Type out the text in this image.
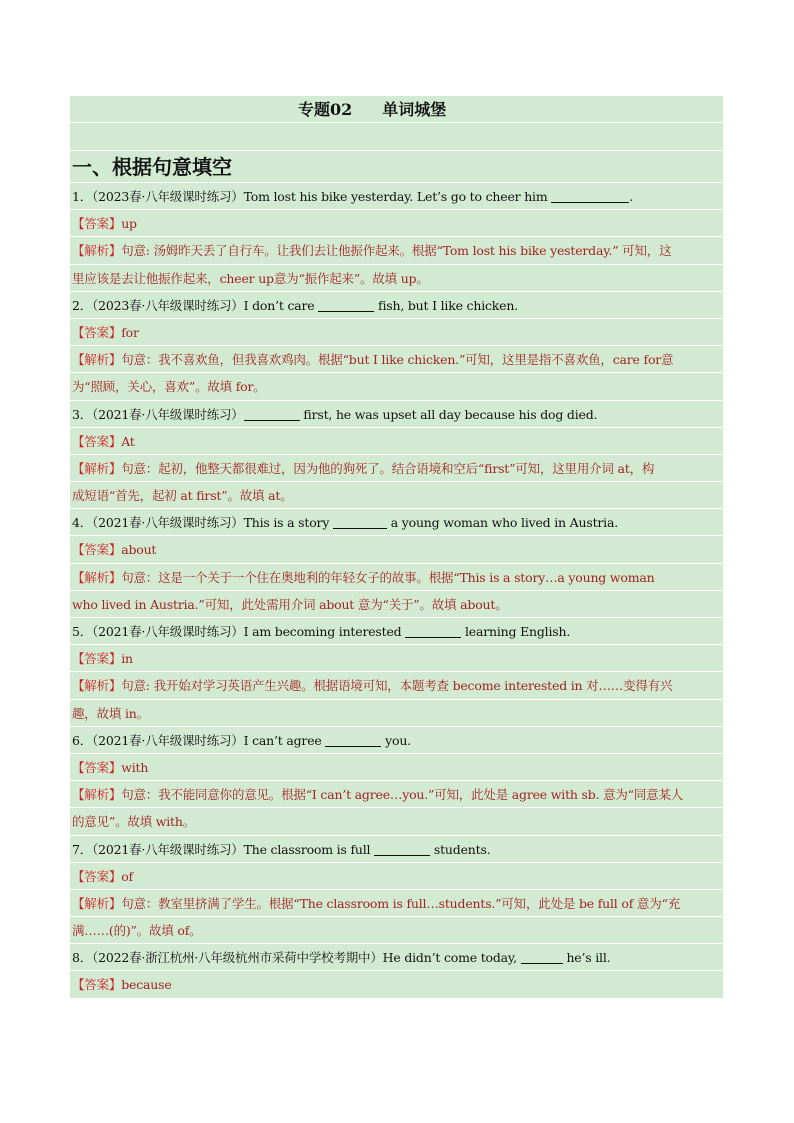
专题02 单词城堡
一、根据句意填空
1．（2023春·八年级课时练习）Tom lost his bike yesterday. Let’s go to cheer him	.
【答案】up
【解析】句意: 汤姆昨天丢了自行车。让我们去让他振作起来。根据“Tom lost his bike yesterday.” 可知，这
里应该是去让他振作起来，cheer up意为“振作起来”。故填 up。
2．（2023春·八年级课时练习）I don’t care	fish, but I like chicken.
【答案】for
【解析】句意：我不喜欢鱼，但我喜欢鸡肉。根据“but I like chicken.”可知，这里是指不喜欢鱼，care for意
为“照顾，关心，喜欢”。故填 for。
3．（2021春·八年级课时练习）	first, he was upset all day because his dog died.
【答案】At
【解析】句意：起初，他整天都很难过，因为他的狗死了。结合语境和空后“first”可知，这里用介词 at，构
成短语“首先，起初 at first”。故填 at。
4．（2021春·八年级课时练习）This is a story	a young woman who lived in Austria.
【答案】about
【解析】句意：这是一个关于一个住在奥地利的年轻女子的故事。根据“This is a story…a young woman
who lived in Austria.”可知，此处需用介词 about 意为“关于”。故填 about。
5．（2021春·八年级课时练习）I am becoming interested	learning English.
【答案】in
【解析】句意: 我开始对学习英语产生兴趣。根据语境可知，本题考查 become interested in 对……变得有兴
趣，故填 in。
6．（2021春·八年级课时练习）I can’t agree	you.
【答案】with
【解析】句意：我不能同意你的意见。根据“I can’t agree…you.”可知，此处是 agree with sb. 意为“同意某人
的意见”。故填 with。
7．（2021春·八年级课时练习）The classroom is full	students.
【答案】of
【解析】句意：教室里挤满了学生。根据“The classroom is full…students.”可知，此处是 be full of 意为“充
满……(的)”。故填 of。
8．（2022春·浙江杭州·八年级杭州市采荷中学校考期中）He didn’t come today,	he’s ill.
【答案】because
